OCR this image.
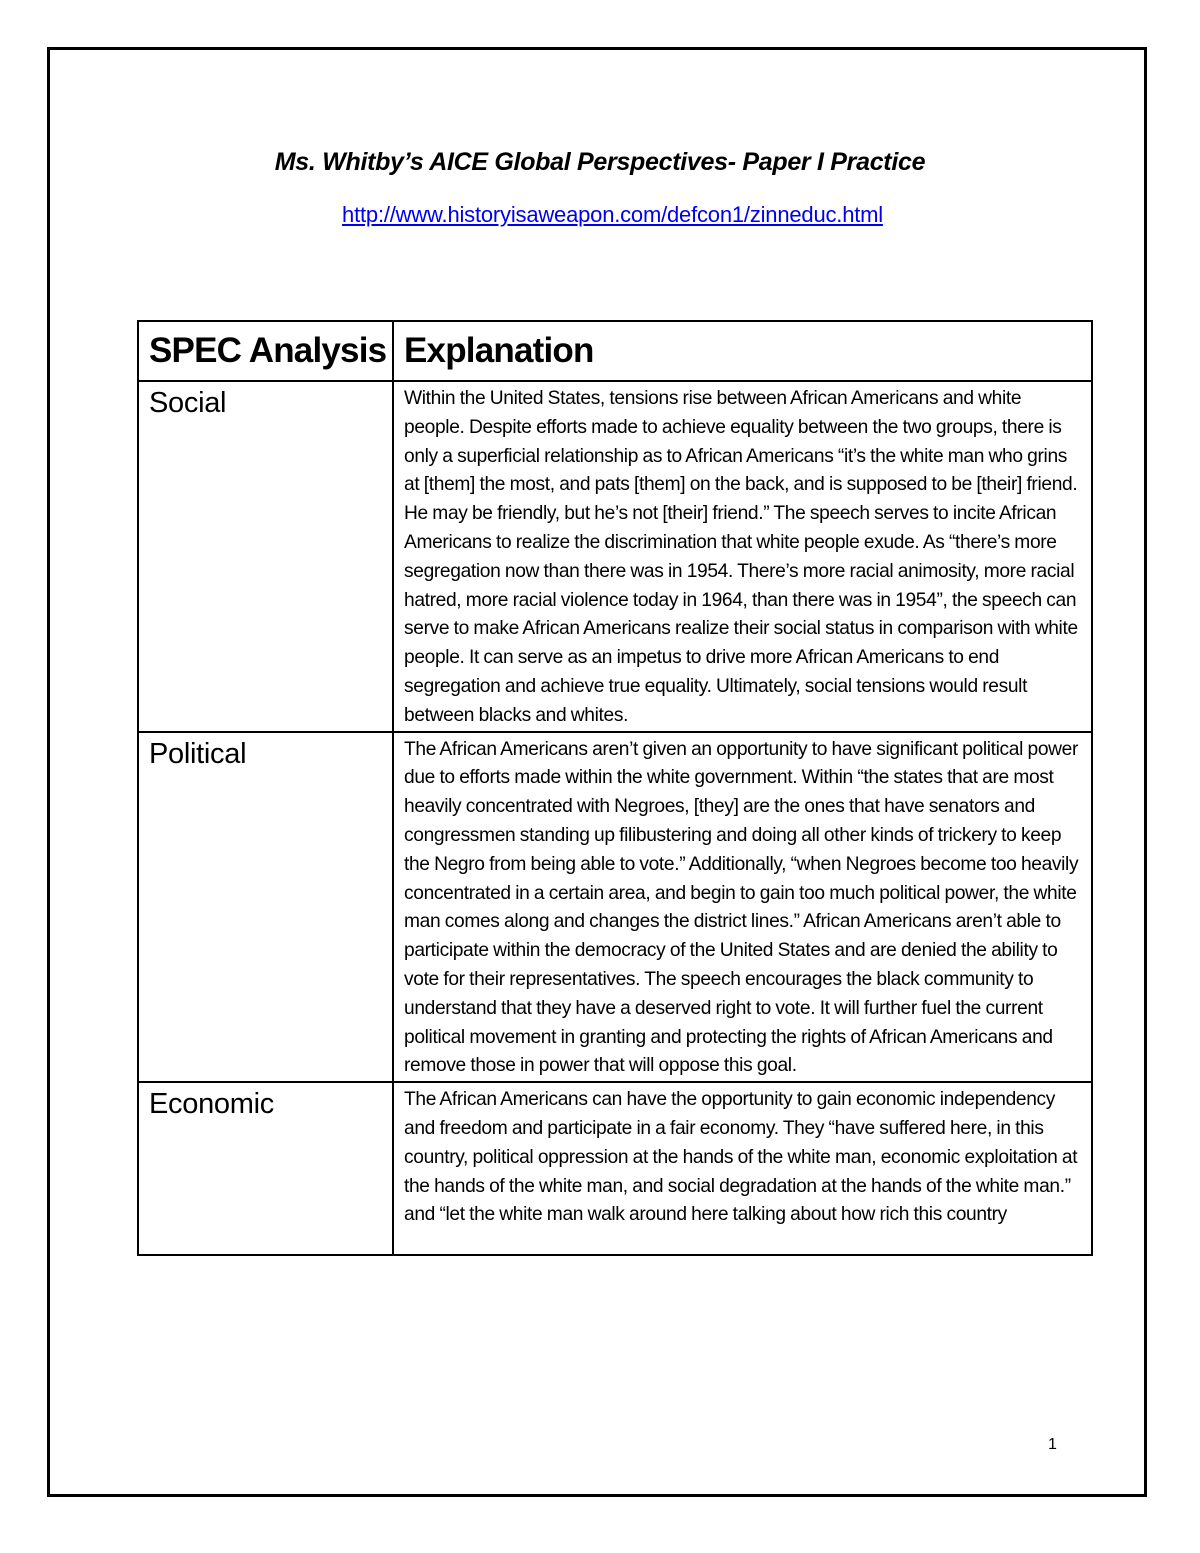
Ms. Whitby’s AICE Global Perspectives- Paper I Practice
http://www.historyisaweapon.com/defcon1/zinneduc.html
SPEC Analysis	Explanation
Social	Within the United States, tensions rise between African Americans and white people. Despite efforts made to achieve equality between the two groups, there is only a superficial relationship as to African Americans “it’s the white man who grins at [them] the most, and pats [them] on the back, and is supposed to be [their] friend. He may be friendly, but he’s not [their] friend.” The speech serves to incite African Americans to realize the discrimination that white people exude. As “there’s more segregation now than there was in 1954. There’s more racial animosity, more racial hatred, more racial violence today in 1964, than there was in 1954”, the speech can serve to make African Americans realize their social status in comparison with white people. It can serve as an impetus to drive more African Americans to end segregation and achieve true equality. Ultimately, social tensions would result between blacks and whites.
Political	The African Americans aren’t given an opportunity to have significant political power due to efforts made within the white government. Within “the states that are most heavily concentrated with Negroes, [they] are the ones that have senators and congressmen standing up filibustering and doing all other kinds of trickery to keep the Negro from being able to vote.” Additionally, “when Negroes become too heavily concentrated in a certain area, and begin to gain too much political power, the white man comes along and changes the district lines.” African Americans aren’t able to participate within the democracy of the United States and are denied the ability to vote for their representatives. The speech encourages the black community to understand that they have a deserved right to vote. It will further fuel the current political movement in granting and protecting the rights of African Americans and remove those in power that will oppose this goal.
Economic	The African Americans can have the opportunity to gain economic independency and freedom and participate in a fair economy. They “have suffered here, in this country, political oppression at the hands of the white man, economic exploitation at the hands of the white man, and social degradation at the hands of the white man.” and “let the white man walk around here talking about how rich this country
1
